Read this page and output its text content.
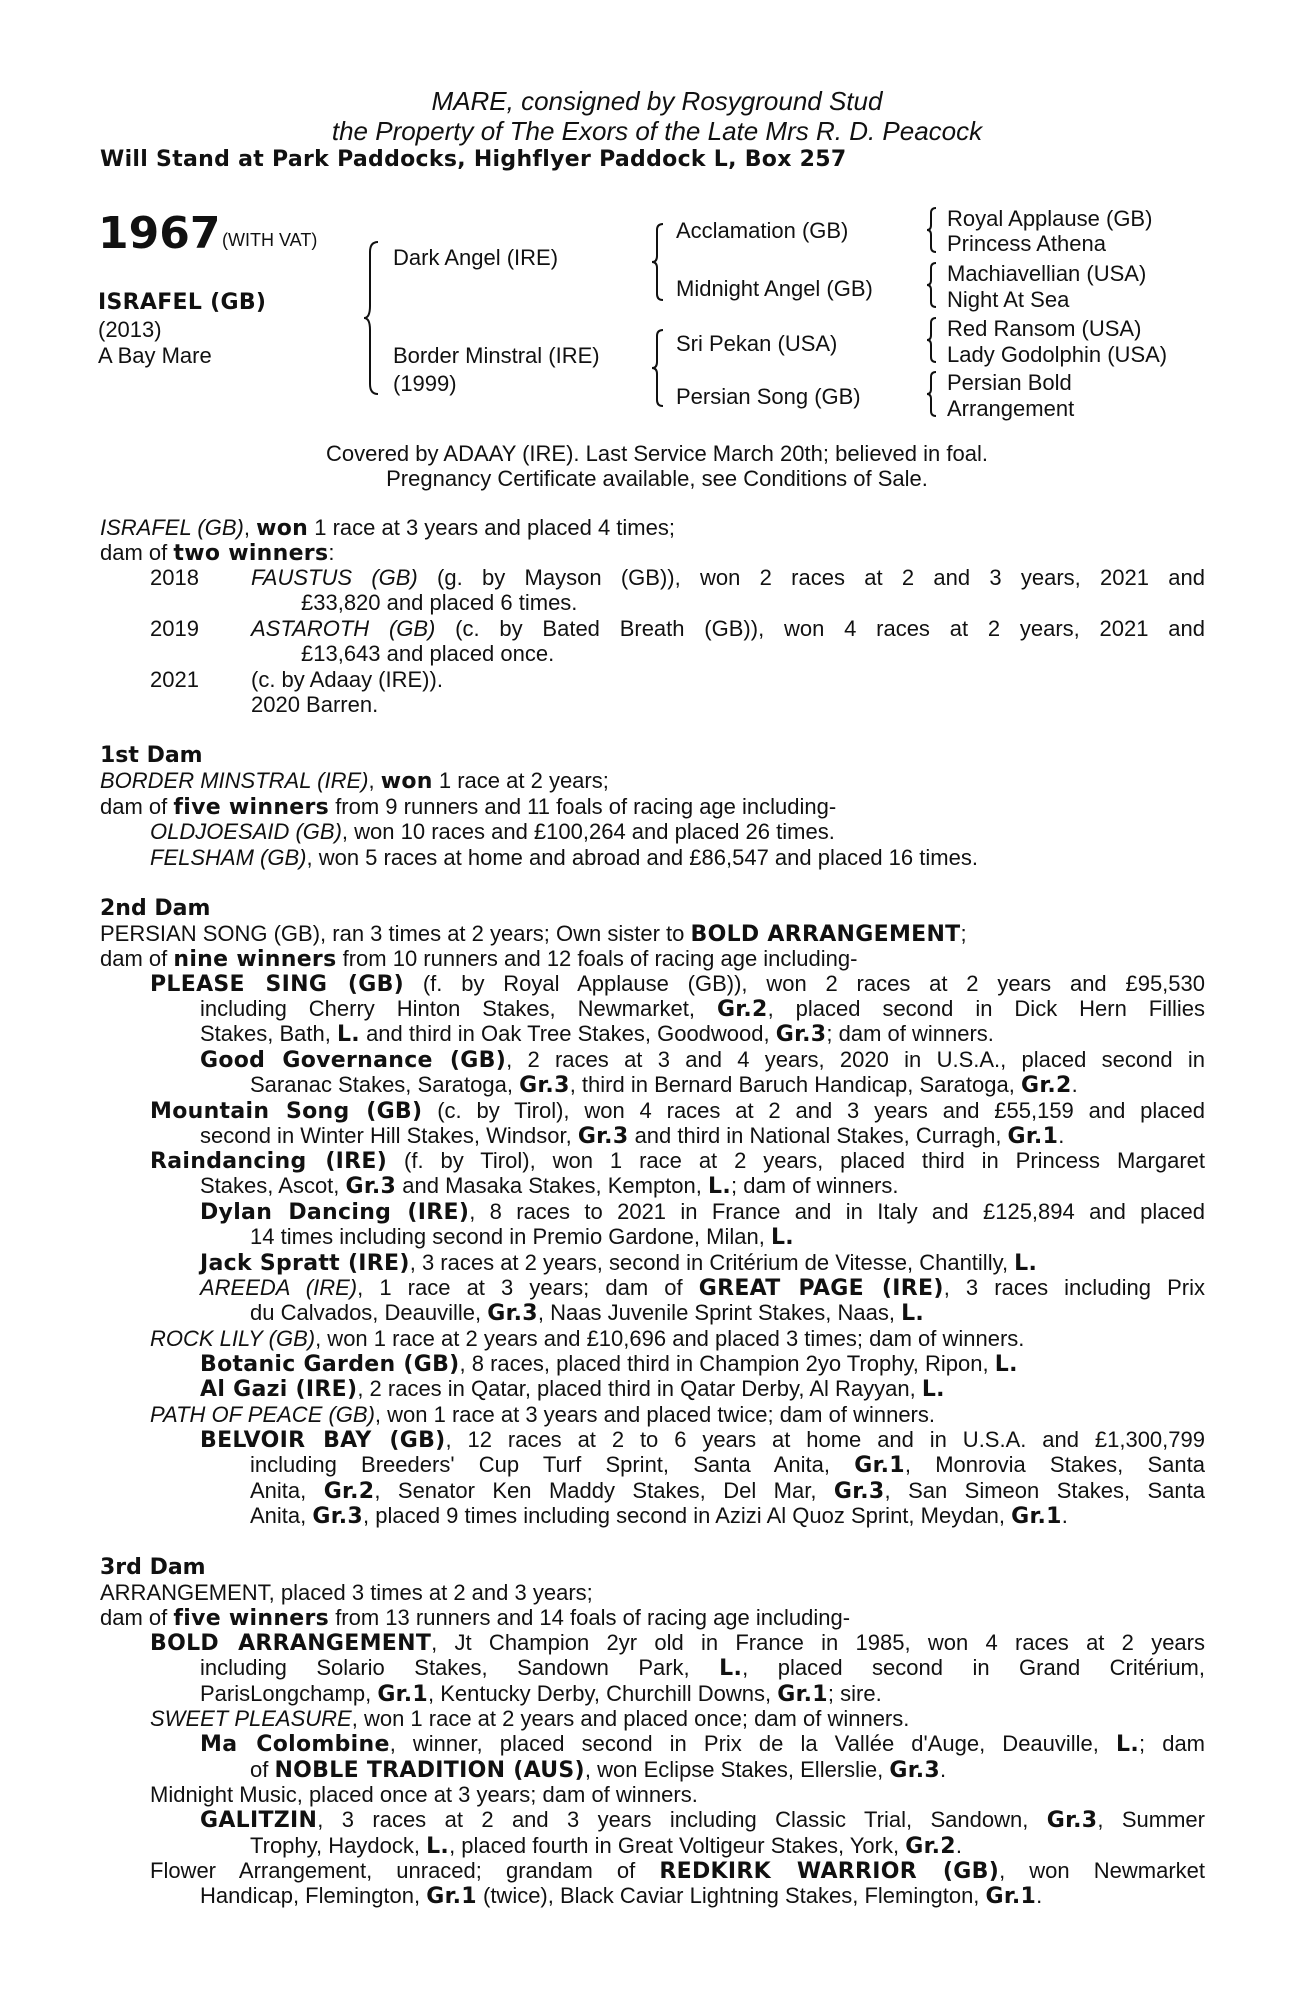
MARE, consigned by Rosyground Stud
the Property of The Exors of the Late Mrs R. D. Peacock
Will Stand at Park Paddocks, Highflyer Paddock L, Box 257
1967 (WITH VAT)
ISRAFEL (GB)
(2013)
A Bay Mare
Dark Angel (IRE)
Border Minstral (IRE)
(1999)
Acclamation (GB)
Midnight Angel (GB)
Sri Pekan (USA)
Persian Song (GB)
Royal Applause (GB)
Princess Athena
Machiavellian (USA)
Night At Sea
Red Ransom (USA)
Lady Godolphin (USA)
Persian Bold
Arrangement
Covered by ADAAY (IRE). Last Service March 20th; believed in foal.
Pregnancy Certificate available, see Conditions of Sale.
ISRAFEL (GB), won 1 race at 3 years and placed 4 times;
dam of two winners:
2018 FAUSTUS (GB) (g. by Mayson (GB)), won 2 races at 2 and 3 years, 2021 and
£33,820 and placed 6 times.
2019 ASTAROTH (GB) (c. by Bated Breath (GB)), won 4 races at 2 years, 2021 and
£13,643 and placed once.
2021 (c. by Adaay (IRE)).
2020 Barren.
1st Dam
BORDER MINSTRAL (IRE), won 1 race at 2 years;
dam of five winners from 9 runners and 11 foals of racing age including-
OLDJOESAID (GB), won 10 races and £100,264 and placed 26 times.
FELSHAM (GB), won 5 races at home and abroad and £86,547 and placed 16 times.
2nd Dam
PERSIAN SONG (GB), ran 3 times at 2 years; Own sister to BOLD ARRANGEMENT;
dam of nine winners from 10 runners and 12 foals of racing age including-
PLEASE SING (GB) (f. by Royal Applause (GB)), won 2 races at 2 years and £95,530
including Cherry Hinton Stakes, Newmarket, Gr.2, placed second in Dick Hern Fillies
Stakes, Bath, L. and third in Oak Tree Stakes, Goodwood, Gr.3; dam of winners.
Good Governance (GB), 2 races at 3 and 4 years, 2020 in U.S.A., placed second in
Saranac Stakes, Saratoga, Gr.3, third in Bernard Baruch Handicap, Saratoga, Gr.2.
Mountain Song (GB) (c. by Tirol), won 4 races at 2 and 3 years and £55,159 and placed
second in Winter Hill Stakes, Windsor, Gr.3 and third in National Stakes, Curragh, Gr.1.
Raindancing (IRE) (f. by Tirol), won 1 race at 2 years, placed third in Princess Margaret
Stakes, Ascot, Gr.3 and Masaka Stakes, Kempton, L.; dam of winners.
Dylan Dancing (IRE), 8 races to 2021 in France and in Italy and £125,894 and placed
14 times including second in Premio Gardone, Milan, L.
Jack Spratt (IRE), 3 races at 2 years, second in Critérium de Vitesse, Chantilly, L.
AREEDA (IRE), 1 race at 3 years; dam of GREAT PAGE (IRE), 3 races including Prix
du Calvados, Deauville, Gr.3, Naas Juvenile Sprint Stakes, Naas, L.
ROCK LILY (GB), won 1 race at 2 years and £10,696 and placed 3 times; dam of winners.
Botanic Garden (GB), 8 races, placed third in Champion 2yo Trophy, Ripon, L.
Al Gazi (IRE), 2 races in Qatar, placed third in Qatar Derby, Al Rayyan, L.
PATH OF PEACE (GB), won 1 race at 3 years and placed twice; dam of winners.
BELVOIR BAY (GB), 12 races at 2 to 6 years at home and in U.S.A. and £1,300,799
including Breeders' Cup Turf Sprint, Santa Anita, Gr.1, Monrovia Stakes, Santa
Anita, Gr.2, Senator Ken Maddy Stakes, Del Mar, Gr.3, San Simeon Stakes, Santa
Anita, Gr.3, placed 9 times including second in Azizi Al Quoz Sprint, Meydan, Gr.1.
3rd Dam
ARRANGEMENT, placed 3 times at 2 and 3 years;
dam of five winners from 13 runners and 14 foals of racing age including-
BOLD ARRANGEMENT, Jt Champion 2yr old in France in 1985, won 4 races at 2 years
including Solario Stakes, Sandown Park, L., placed second in Grand Critérium,
ParisLongchamp, Gr.1, Kentucky Derby, Churchill Downs, Gr.1; sire.
SWEET PLEASURE, won 1 race at 2 years and placed once; dam of winners.
Ma Colombine, winner, placed second in Prix de la Vallée d'Auge, Deauville, L.; dam
of NOBLE TRADITION (AUS), won Eclipse Stakes, Ellerslie, Gr.3.
Midnight Music, placed once at 3 years; dam of winners.
GALITZIN, 3 races at 2 and 3 years including Classic Trial, Sandown, Gr.3, Summer
Trophy, Haydock, L., placed fourth in Great Voltigeur Stakes, York, Gr.2.
Flower Arrangement, unraced; grandam of REDKIRK WARRIOR (GB), won Newmarket
Handicap, Flemington, Gr.1 (twice), Black Caviar Lightning Stakes, Flemington, Gr.1.
